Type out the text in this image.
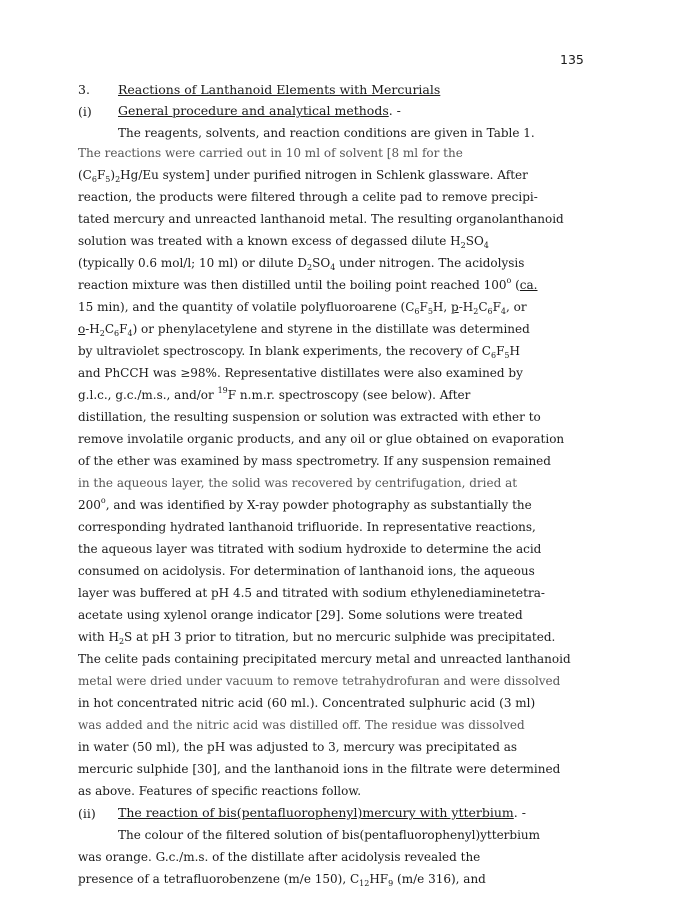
135
3. Reactions of Lanthanoid Elements with Mercurials
(i) General procedure and analytical methods. -
The reagents, solvents, and reaction conditions are given in Table 1.
The reactions were carried out in 10 ml of solvent [8 ml for the
$(C_6F_5)_2Hg/Eu$ system] under purified nitrogen in Schlenk glassware. After
reaction, the products were filtered through a celite pad to remove precipi-
tated mercury and unreacted lanthanoid metal. The resulting organolanthanoid
solution was treated with a known excess of degassed dilute $H_2SO_4$
(typically 0.6 mol/l; 10 ml) or dilute $D_2SO_4$ under nitrogen. The acidolysis
reaction mixture was then distilled until the boiling point reached 100$^o$ (ca.
15 min), and the quantity of volatile polyfluoroarene ($C_6F_5H$, $p-H_2C_6F_4$, or
$o-H_2C_6F_4$) or phenylacetylene and styrene in the distillate was determined
by ultraviolet spectroscopy. In blank experiments, the recovery of $C_6F_5H$
and PhCCH was ≥98%. Representative distillates were also examined by
g.l.c., g.c./m.s., and/or $^{19}$F n.m.r. spectroscopy (see below). After
distillation, the resulting suspension or solution was extracted with ether to
remove involatile organic products, and any oil or glue obtained on evaporation
of the ether was examined by mass spectrometry. If any suspension remained
in the aqueous layer, the solid was recovered by centrifugation, dried at
200$^o$, and was identified by X-ray powder photography as substantially the
corresponding hydrated lanthanoid trifluoride. In representative reactions,
the aqueous layer was titrated with sodium hydroxide to determine the acid
consumed on acidolysis. For determination of lanthanoid ions, the aqueous
layer was buffered at pH 4.5 and titrated with sodium ethylenediaminetetra-
acetate using xylenol orange indicator [29]. Some solutions were treated
with $H_2S$ at pH 3 prior to titration, but no mercuric sulphide was precipitated.
The celite pads containing precipitated mercury metal and unreacted lanthanoid
metal were dried under vacuum to remove tetrahydrofuran and were dissolved
in hot concentrated nitric acid (60 ml.). Concentrated sulphuric acid (3 ml)
was added and the nitric acid was distilled off. The residue was dissolved
in water (50 ml), the pH was adjusted to 3, mercury was precipitated as
mercuric sulphide [30], and the lanthanoid ions in the filtrate were determined
as above. Features of specific reactions follow.
(ii) The reaction of bis(pentafluorophenyl)mercury with ytterbium. -
The colour of the filtered solution of bis(pentafluorophenyl)ytterbium
was orange. G.c./m.s. of the distillate after acidolysis revealed the
presence of a tetrafluorobenzene (m/e 150), $C_{12}HF_9$ (m/e 316), and
